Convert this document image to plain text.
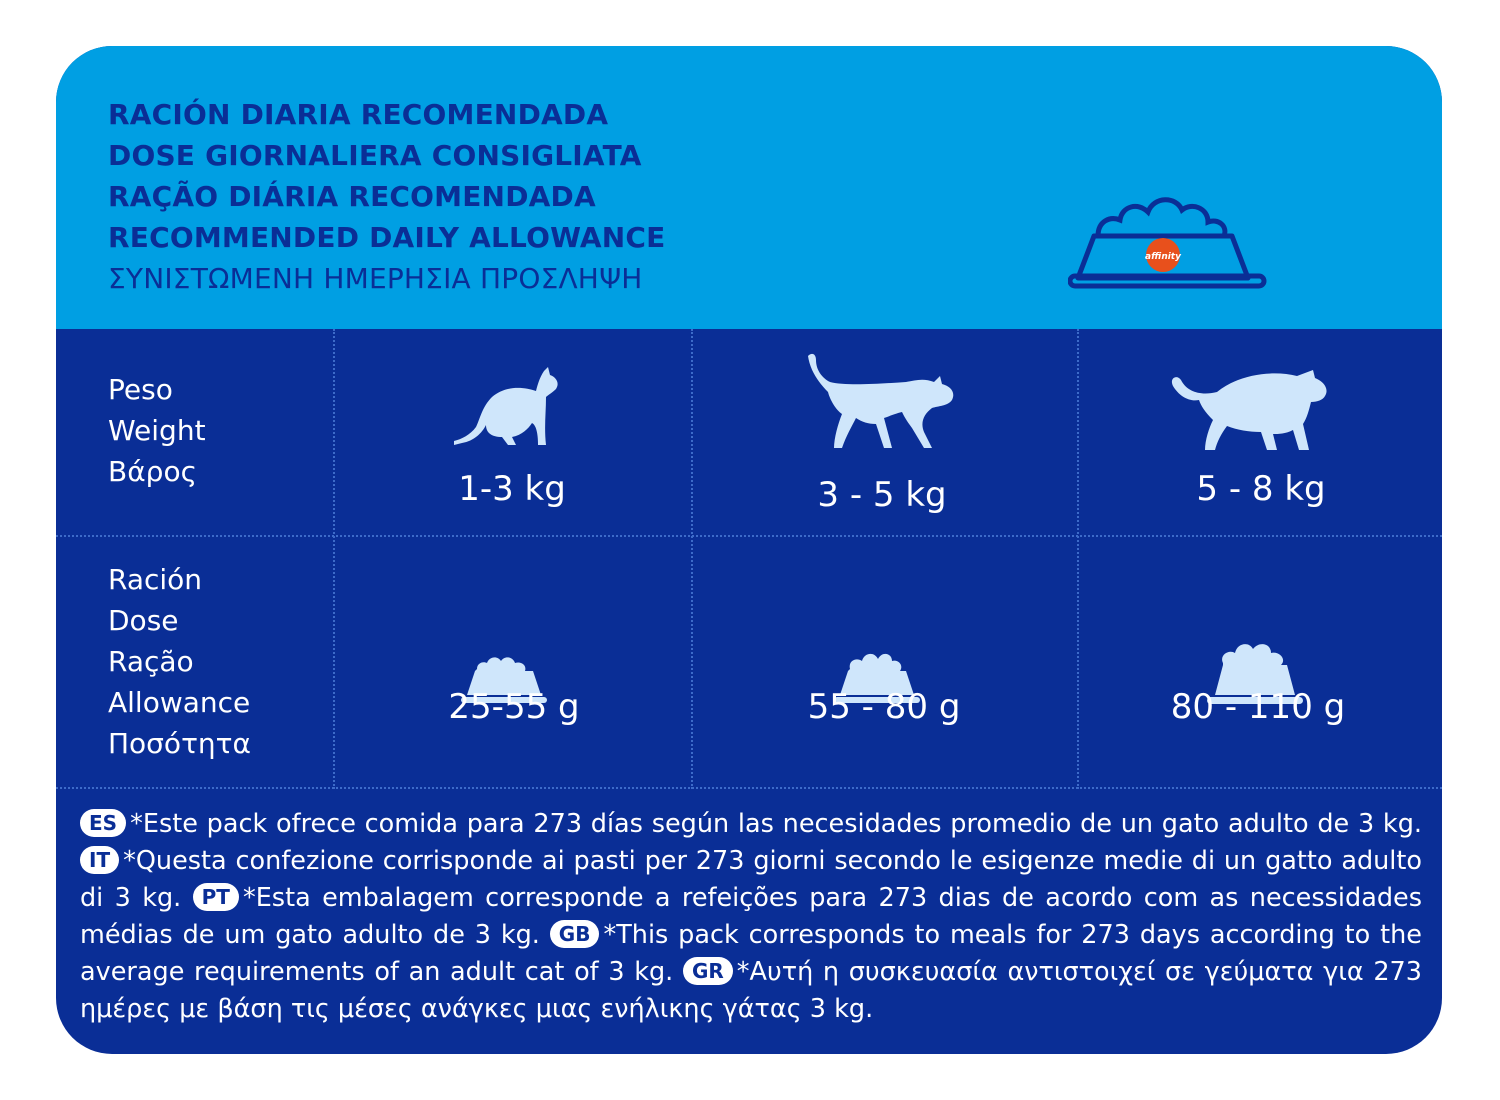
RACIÓN DIARIA RECOMENDADA
DOSE GIORNALIERA CONSIGLIATA
RAÇÃO DIÁRIA RECOMENDADA
RECOMMENDED DAILY ALLOWANCE
ΣΥΝΙΣΤΩΜΕΝΗ ΗΜΕΡΗΣΙΑ ΠΡΟΣΛΗΨΗ
affinity
Peso
Weight
Βάρος	1-3 kg	3 - 5 kg	5 - 8 kg
Ración
Dose
Ração
Allowance
Ποσότητα
25-55 g	55 - 80 g	80 - 110 g
ES *Este pack ofrece comida para 273 días según las necesidades promedio de un gato adulto de 3 kg. IT *Questa confezione corrisponde ai pasti per 273 giorni secondo le esigenze medie di un gatto adulto di 3 kg. PT *Esta embalagem corresponde a refeições para 273 dias de acordo com as necessidades médias de um gato adulto de 3 kg. GB *This pack corresponds to meals for 273 days according to the average requirements of an adult cat of 3 kg. GR *Αυτή η συσκευασία αντιστοιχεί σε γεύματα για 273 ημέρες με βάση τις μέσες ανάγκες μιας ενήλικης γάτας 3 kg.
